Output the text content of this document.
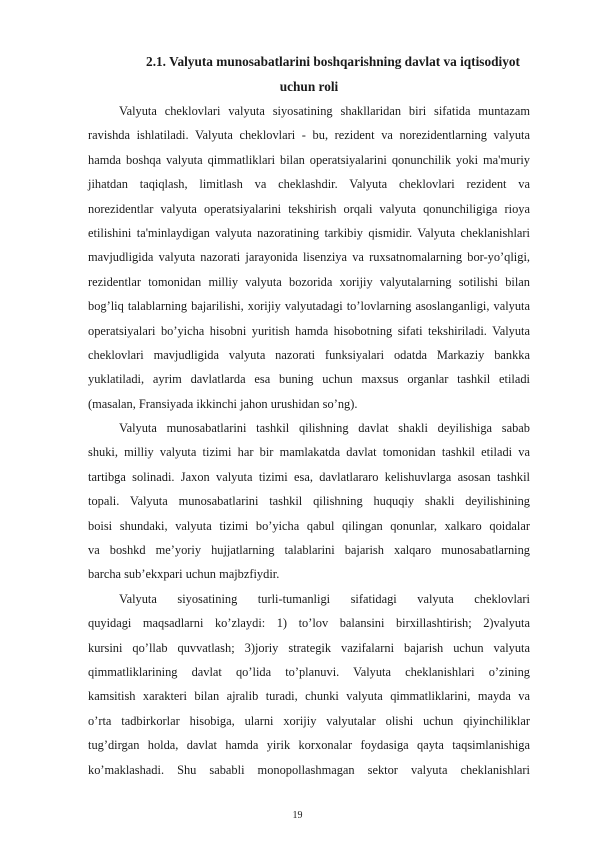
2.1. Valyuta munosabatlarini boshqarishning davlat va iqtisodiyot
uchun roli
Valyuta cheklovlari valyuta siyosatining shakllaridan biri sifatida muntazam
ravishda ishlatiladi. Valyuta cheklovlari - bu, rezident va norezidentlarning valyuta
hamda boshqa valyuta qimmatliklari bilan operatsiyalarini qonunchilik yoki ma'muriy
jihatdan taqiqlash, limitlash va cheklashdir. Valyuta cheklovlari rezident va
norezidentlar valyuta operatsiyalarini tekshirish orqali valyuta qonunchiligiga rioya
etilishini ta'minlaydigan valyuta nazoratining tarkibiy qismidir. Valyuta cheklanishlari
mavjudligida valyuta nazorati jarayonida lisenziya va ruxsatnomalarning bor-yo’qligi,
rezidentlar tomonidan milliy valyuta bozorida xorijiy valyutalarning sotilishi bilan
bog’liq talablarning bajarilishi, xorijiy valyutadagi to’lovlarning asoslanganligi, valyuta
operatsiyalari bo’yicha hisobni yuritish hamda hisobotning sifati tekshiriladi. Valyuta
cheklovlari mavjudligida valyuta nazorati funksiyalari odatda Markaziy bankka
yuklatiladi, ayrim davlatlarda esa buning uchun maxsus organlar tashkil etiladi
(masalan, Fransiyada ikkinchi jahon urushidan so’ng).
Valyuta munosabatlarini tashkil qilishning davlat shakli deyilishiga sabab
shuki, milliy valyuta tizimi har bir mamlakatda davlat tomonidan tashkil etiladi va
tartibga solinadi. Jaxon valyuta tizimi esa, davlatlararo kelishuvlarga asosan tashkil
topali. Valyuta munosabatlarini tashkil qilishning huquqiy shakli deyilishining
boisi shundaki, valyuta tizimi bo’yicha qabul qilingan qonunlar, xalkaro qoidalar
va boshkd me’yoriy hujjatlarning talablarini bajarish xalqaro munosabatlarning
barcha sub’ekxpari uchun majbzfiydir.
Valyuta siyosatining turli-tumanligi sifatidagi valyuta cheklovlari
quyidagi maqsadlarni ko’zlaydi: 1) to’lov balansini birxillashtirish; 2)valyuta
kursini qo’llab quvvatlash; 3)joriy strategik vazifalarni bajarish uchun valyuta
qimmatliklarining davlat qo’lida to’planuvi. Valyuta cheklanishlari o’zining
kamsitish xarakteri bilan ajralib turadi, chunki valyuta qimmatliklarini, mayda va
o’rta tadbirkorlar hisobiga, ularni xorijiy valyutalar olishi uchun qiyinchiliklar
tug’dirgan holda, davlat hamda yirik korxonalar foydasiga qayta taqsimlanishiga
ko’maklashadi. Shu sababli monopollashmagan sektor valyuta cheklanishlari
19
